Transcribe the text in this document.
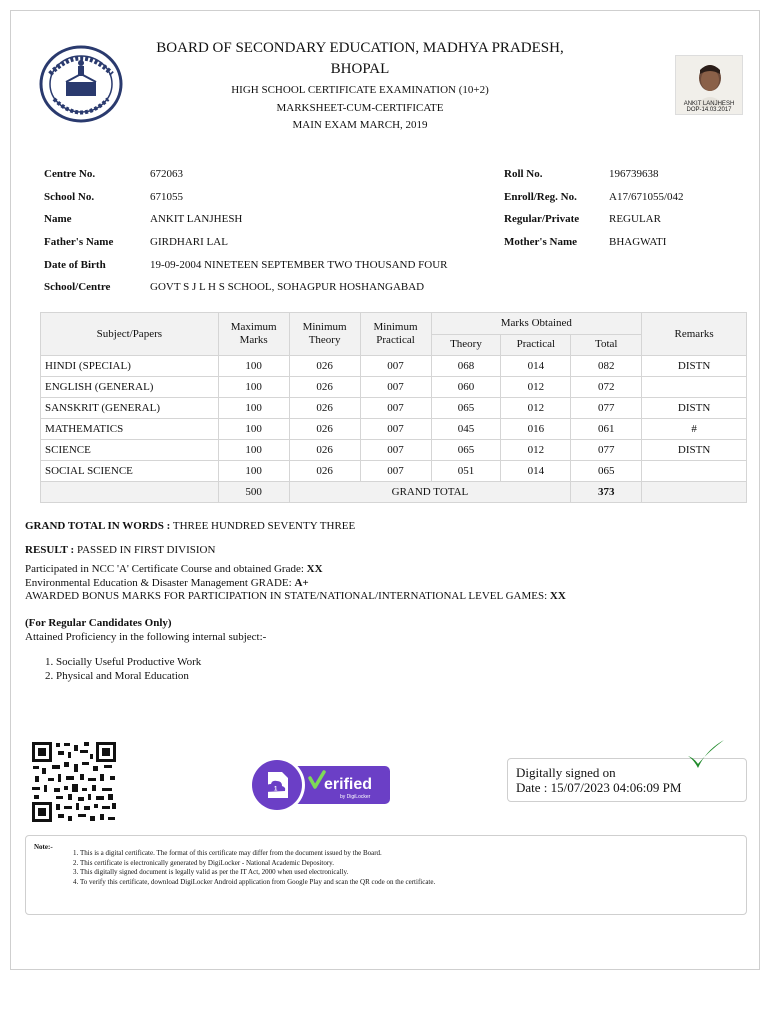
ANKIT LANJHESH
DOP-14.03.2017
BOARD OF SECONDARY EDUCATION, MADHYA PRADESH,
BHOPAL
HIGH SCHOOL CERTIFICATE EXAMINATION (10+2)
MARKSHEET-CUM-CERTIFICATE
MAIN EXAM MARCH, 2019
Centre No.	672063
School No.	671055
Name	ANKIT LANJHESH
Father's Name	GIRDHARI LAL
Date of Birth	19-09-2004 NINETEEN SEPTEMBER TWO THOUSAND FOUR
School/Centre	GOVT S J L H S SCHOOL, SOHAGPUR HOSHANGABAD
Roll No.	196739638
Enroll/Reg. No.	A17/671055/042
Regular/Private	REGULAR
Mother's Name	BHAGWATI
Subject/Papers	Maximum Marks	Minimum Theory	Minimum Practical	Marks Obtained			Remarks
				Theory	Practical	Total	
HINDI (SPECIAL)	100	026	007	068	014	082	DISTN
ENGLISH (GENERAL)	100	026	007	060	012	072	
SANSKRIT (GENERAL)	100	026	007	065	012	077	DISTN
MATHEMATICS	100	026	007	045	016	061	#
SCIENCE	100	026	007	065	012	077	DISTN
SOCIAL SCIENCE	100	026	007	051	014	065	
	500	GRAND TOTAL				373	
GRAND TOTAL IN WORDS : THREE HUNDRED SEVENTY THREE
RESULT : PASSED IN FIRST DIVISION
Participated in NCC 'A' Certificate Course and obtained Grade: XX
Environmental Education & Disaster Management GRADE: A+
AWARDED BONUS MARKS FOR PARTICIPATION IN STATE/NATIONAL/INTERNATIONAL LEVEL GAMES: XX
(For Regular Candidates Only)
Attained Proficiency in the following internal subject:-
1. Socially Useful Productive Work
2. Physical and Moral Education
1	erified
by DigiLocker
Digitally signed on
Date : 15/07/2023 04:06:09 PM
Note:-
1. This is a digital certificate. The format of this certificate may differ from the document issued by the Board.
2. This certificate is electronically generated by DigiLocker - National Academic Depository.
3. This digitally signed document is legally valid as per the IT Act, 2000 when used electronically.
4. To verify this certificate, download DigiLocker Android application from Google Play and scan the QR code on the certificate.
